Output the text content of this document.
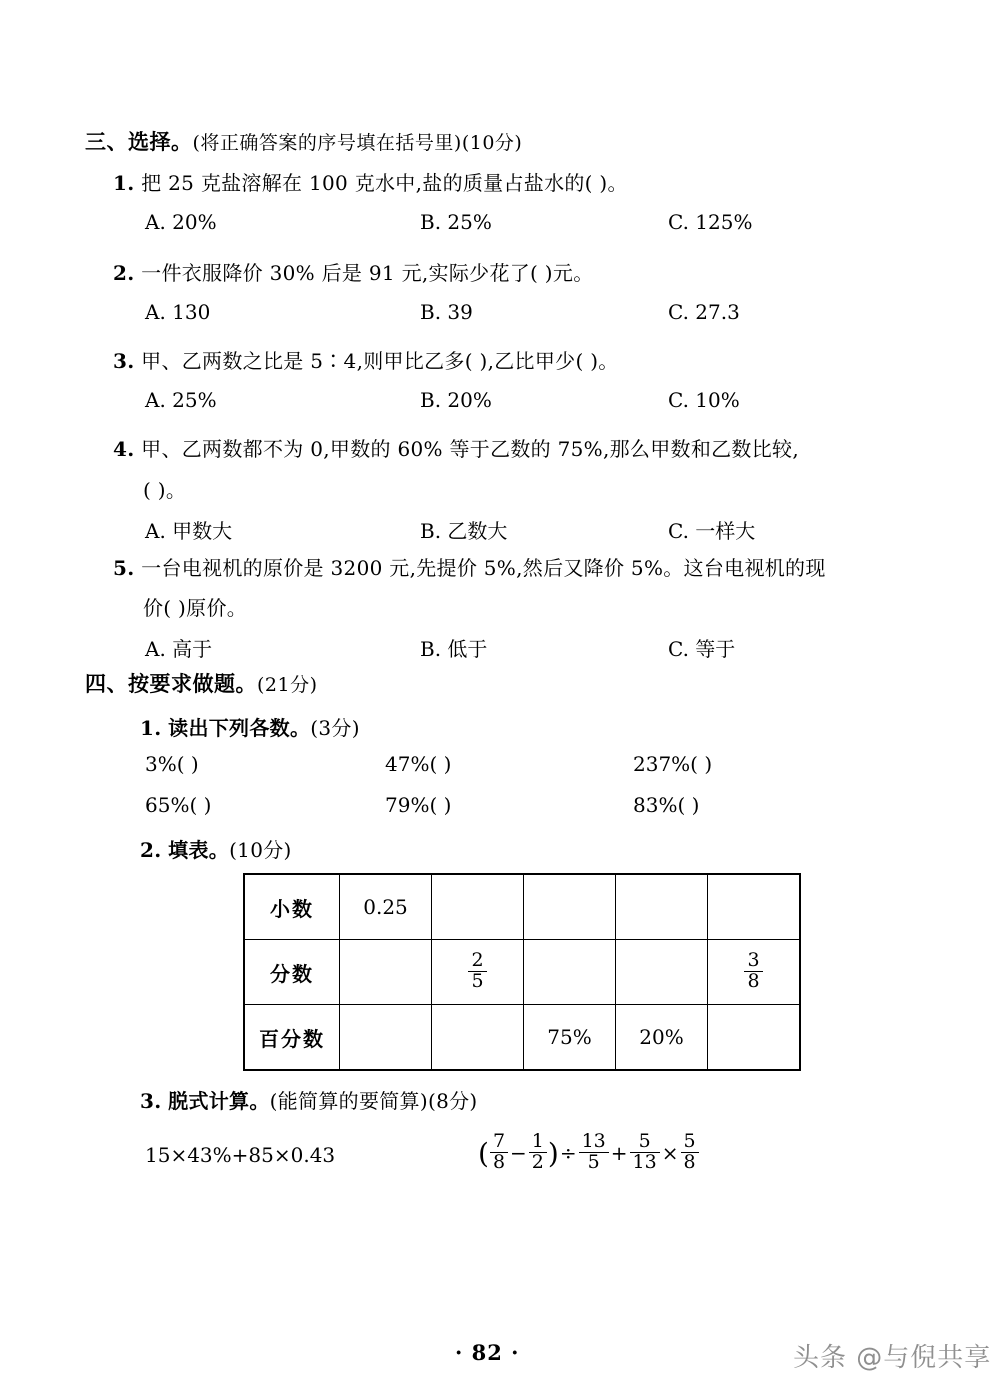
三、选择。(将正确答案的序号填在括号里)(10分)
1. 把 25 克盐溶解在 100 克水中,盐的质量占盐水的( )。
A. 20%	B. 25%	C. 125%
2. 一件衣服降价 30% 后是 91 元,实际少花了( )元。
A. 130	B. 39	C. 27.3
3. 甲、乙两数之比是 5∶4,则甲比乙多( ),乙比甲少( )。
A. 25%	B. 20%	C. 10%
4. 甲、乙两数都不为 0,甲数的 60% 等于乙数的 75%,那么甲数和乙数比较,
( )。
A. 甲数大	B. 乙数大	C. 一样大
5. 一台电视机的原价是 3200 元,先提价 5%,然后又降价 5%。这台电视机的现
价( )原价。
A. 高于	B. 低于	C. 等于
四、按要求做题。(21分)
1. 读出下列各数。(3分)
3%( )	47%( )	237%( )
65%( )	79%( )	83%( )
2. 填表。(10分)
小数	0.25				
分数		$\frac{2}{5}$			$\frac{3}{8}$

百分数			75%	20%	
3. 脱式计算。(能简算的要简算)(8分)
15×43%+85×0.43	( $\frac{7}{8} - \frac{1}{2}$ )÷ $\frac{13}{5} + \frac{5}{13} \times \frac{5}{8}$
· 82 ·	头条 @与倪共享
